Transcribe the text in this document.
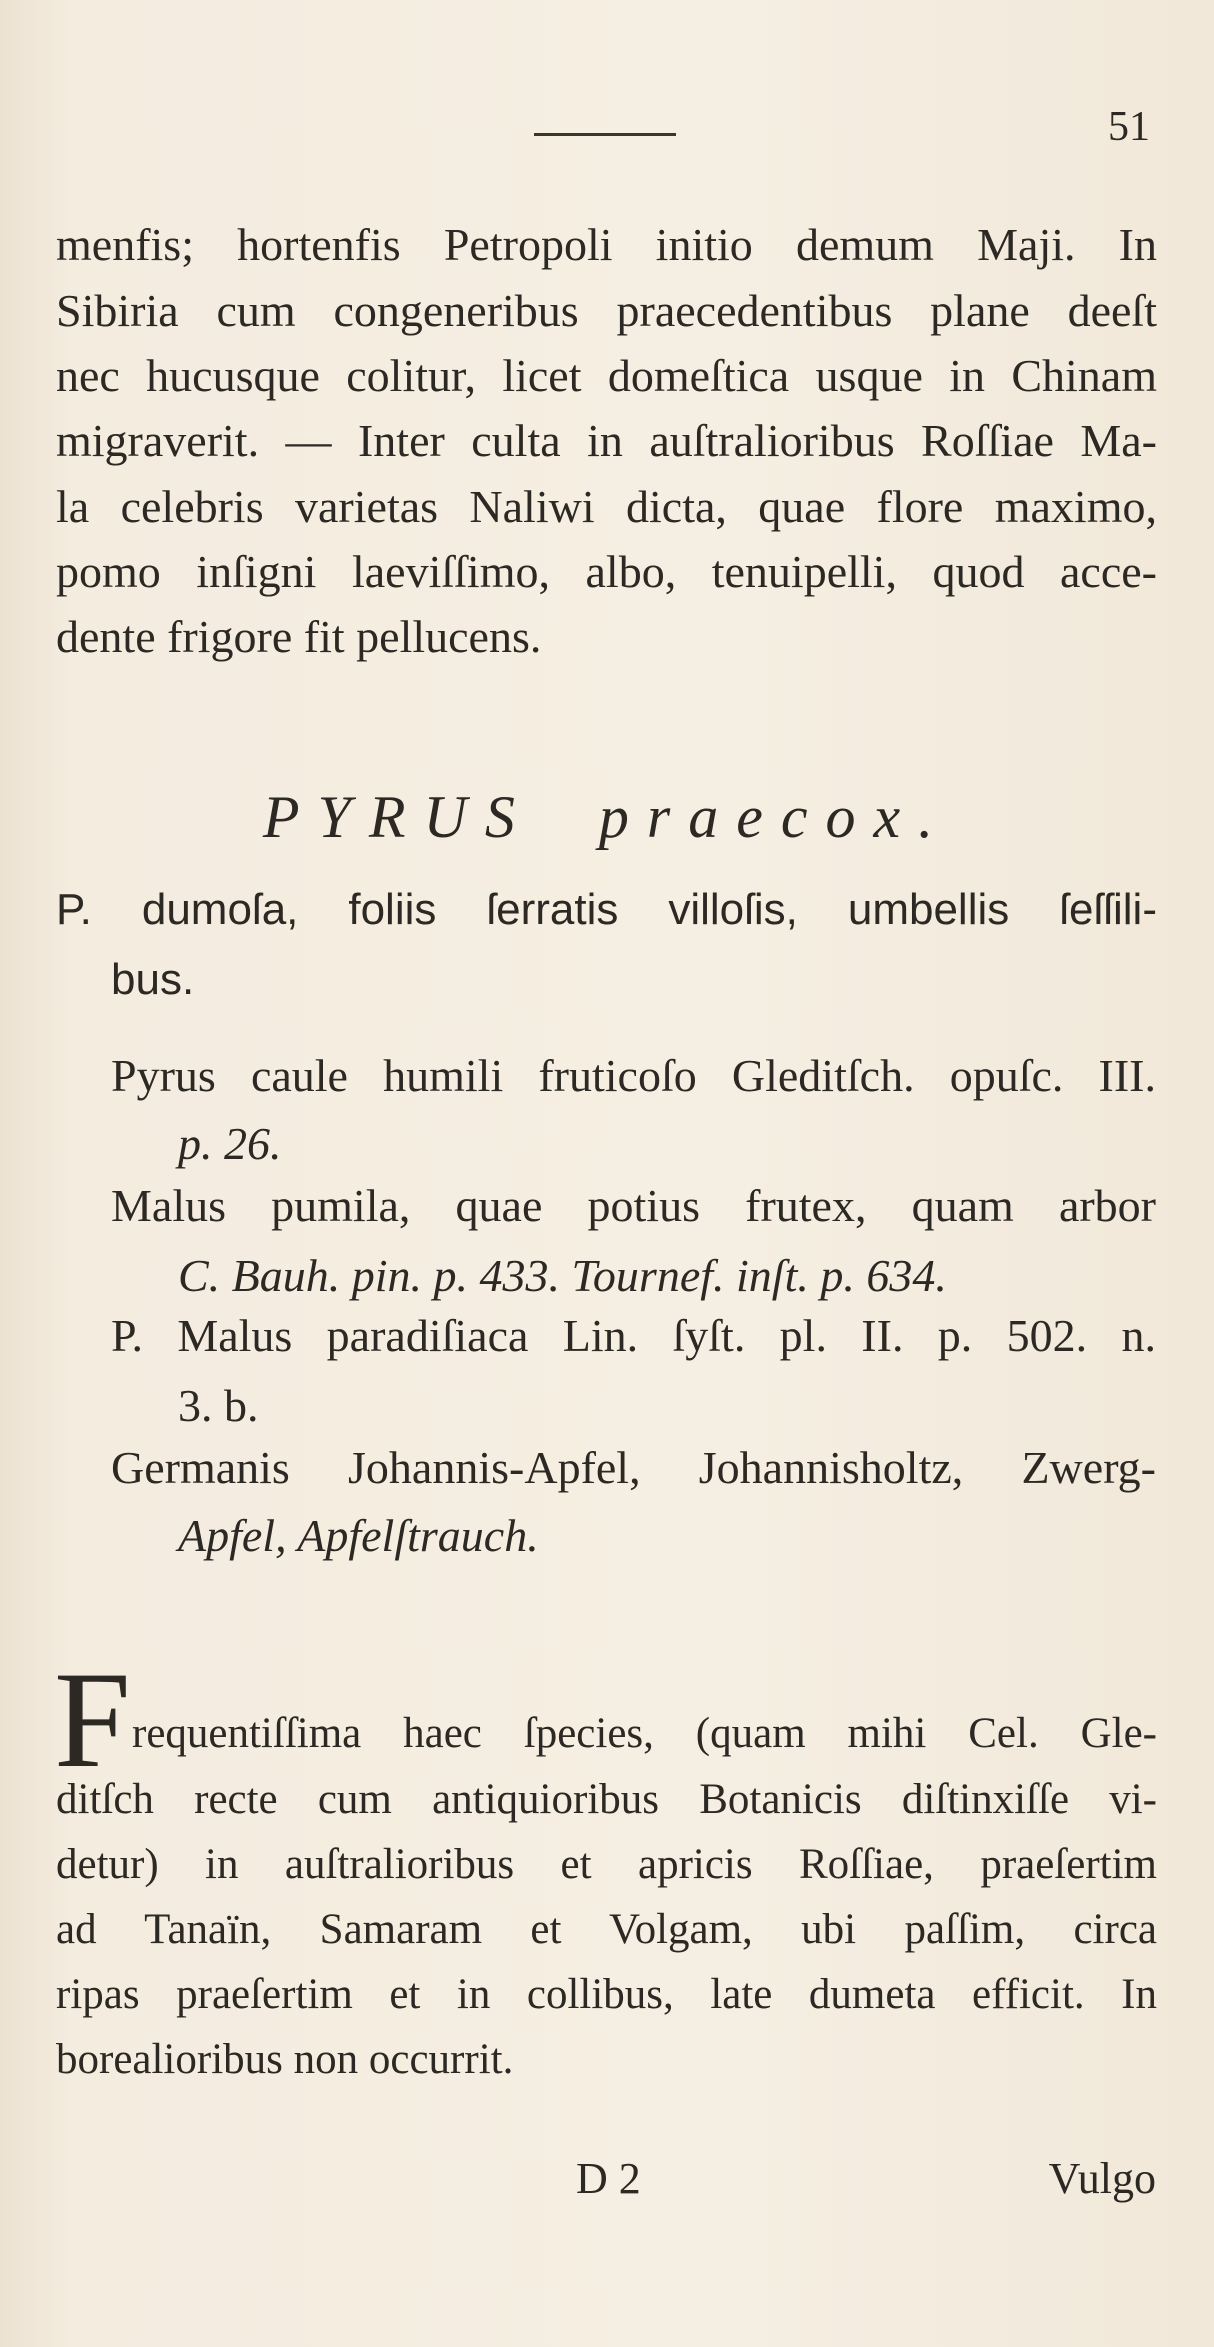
51
menfis; hortenfis Petropoli initio demum Maji. In
Sibiria cum congeneribus praecedentibus plane deeſt
nec hucusque colitur, licet domeſtica usque in Chinam
migraverit. — Inter culta in auſtralioribus Roſſiae Ma-
la celebris varietas Naliwi dicta, quae flore maximo,
pomo inſigni laeviſſimo, albo, tenuipelli, quod acce-
dente frigore fit pellucens.
PYRUS praecox.
P. dumoſa, foliis ſerratis villoſis, umbellis ſeſſili-
bus.
Pyrus caule humili fruticoſo Gleditſch. opuſc. III.
p. 26.
Malus pumila, quae potius frutex, quam arbor
C. Bauh. pin. p. 433. Tournef. inſt. p. 634.
P. Malus paradiſiaca Lin. ſyſt. pl. II. p. 502. n.
3. b.
Germanis Johannis-Apfel, Johannisholtz, Zwerg-
Apfel, Apfelſtrauch.
F requentiſſima haec ſpecies, (quam mihi Cel. Gle-
ditſch recte cum antiquioribus Botanicis diſtinxiſſe vi-
detur) in auſtralioribus et apricis Roſſiae, praeſertim
ad Tanaïn, Samaram et Volgam, ubi paſſim, circa
ripas praeſertim et in collibus, late dumeta efficit. In
borealioribus non occurrit.
D 2	Vulgo
